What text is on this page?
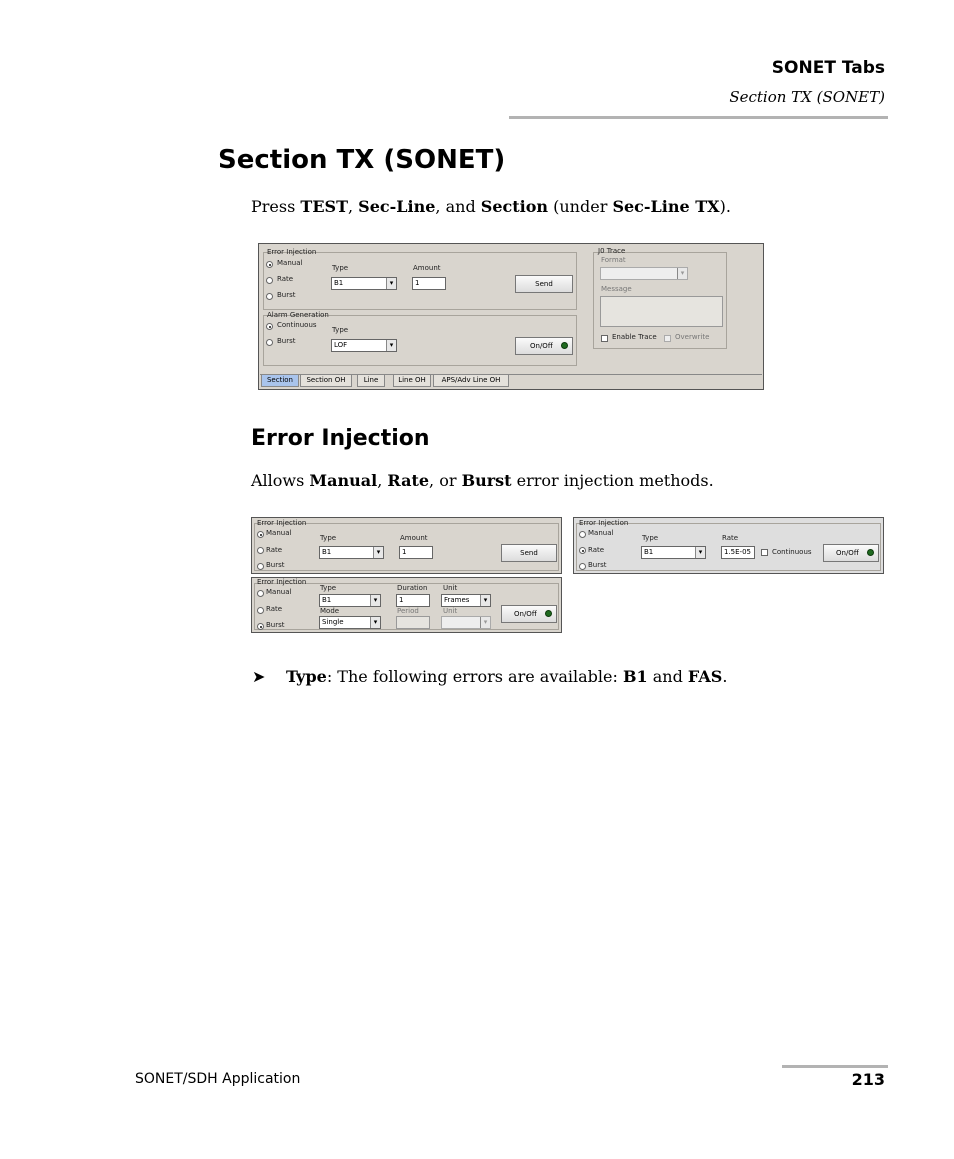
SONET Tabs
Section TX (SONET)
Section TX (SONET)
Press TEST, Sec-Line, and Section (under Sec-Line TX).
Error Injection
Manual
Rate
Burst
Type
B1 ▾
Amount
1	Send
Alarm Generation
Continuous
Burst
Type
LOF ▾	On/Off
J0 Trace
Format
▾
Message
Enable Trace	Overwrite
Section	Section OH	Line	Line OH	APS/Adv Line OH
Error Injection
Allows Manual, Rate, or Burst error injection methods.
Error Injection
Manual
Rate
Burst
Type
B1 ▾
Amount
1	Send
Error Injection
Manual
Rate
Burst
Type
B1 ▾
Rate
1.5E-05	Continuous	On/Off
Error Injection
Manual
Rate
Burst
Type
B1 ▾
Mode
Single ▾
Duration
1
Period
Unit
Frames ▾
Unit
▾	On/Off
➤ Type: The following errors are available: B1 and FAS.
SONET/SDH Application	213
